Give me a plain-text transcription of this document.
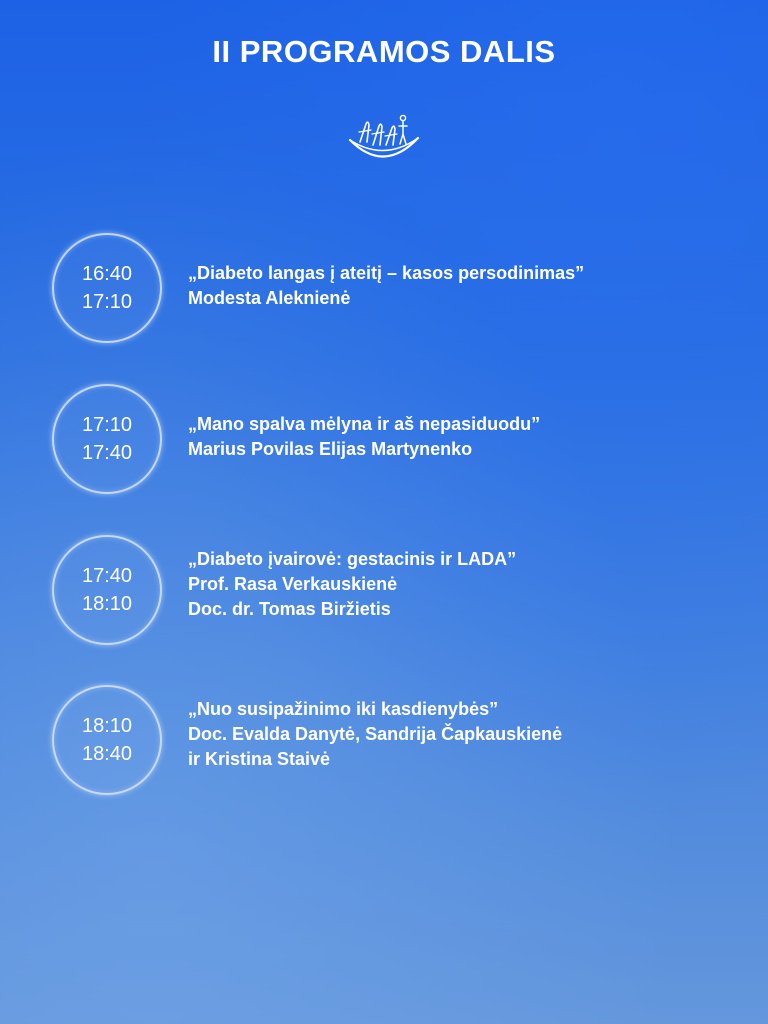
II PROGRAMOS DALIS
16:40
17:10
„Diabeto langas į ateitį – kasos persodinimas”
Modesta Aleknienė
17:10
17:40
„Mano spalva mėlyna ir aš nepasiduodu”
Marius Povilas Elijas Martynenko
17:40
18:10
„Diabeto įvairovė: gestacinis ir LADA”
Prof. Rasa Verkauskienė
Doc. dr. Tomas Biržietis
18:10
18:40
„Nuo susipažinimo iki kasdienybės”
Doc. Evalda Danytė, Sandrija Čapkauskienė
ir Kristina Staivė
